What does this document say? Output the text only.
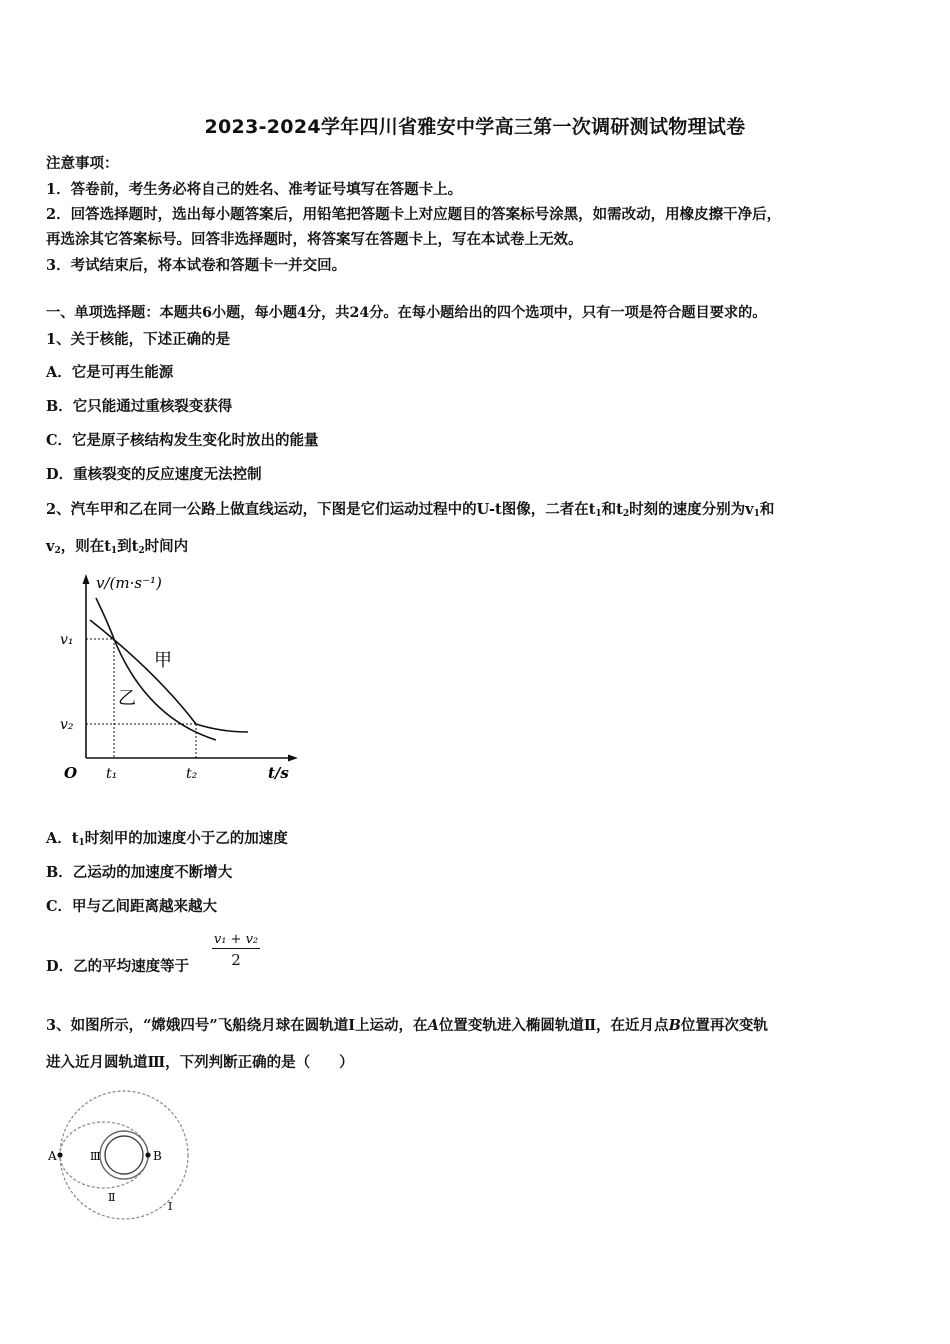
2023-2024学年四川省雅安中学高三第一次调研测试物理试卷
注意事项：
1．答卷前，考生务必将自己的姓名、准考证号填写在答题卡上。
2．回答选择题时，选出每小题答案后，用铅笔把答题卡上对应题目的答案标号涂黑，如需改动，用橡皮擦干净后，
再选涂其它答案标号。回答非选择题时，将答案写在答题卡上，写在本试卷上无效。
3．考试结束后，将本试卷和答题卡一并交回。
一、单项选择题：本题共6小题，每小题4分，共24分。在每小题给出的四个选项中，只有一项是符合题目要求的。
1、关于核能，下述正确的是
A．它是可再生能源
B．它只能通过重核裂变获得
C．它是原子核结构发生变化时放出的能量
D．重核裂变的反应速度无法控制
2、汽车甲和乙在同一公路上做直线运动，下图是它们运动过程中的U-t图像，二者在$t_1$和$t_2$时刻的速度分别为$v_1$和
$v_2$，则在$t_1$到$t_2$时间内
v/(m·s⁻¹)
t/s
O
v₁
v₂
t₁	t₂
甲
乙
A．$t_1$时刻甲的加速度小于乙的加速度
B．乙运动的加速度不断增大
C．甲与乙间距离越来越大
D．乙的平均速度等于 $\frac{\text{v₁ + v₂}}{2}$
3、如图所示，“嫦娥四号”飞船绕月球在圆轨道Ⅰ上运动，在A位置变轨进入椭圆轨道Ⅱ，在近月点B位置再次变轨
进入近月圆轨道Ⅲ，下列判断正确的是（　　）
A	B
Ⅲ
Ⅱ
Ⅰ
